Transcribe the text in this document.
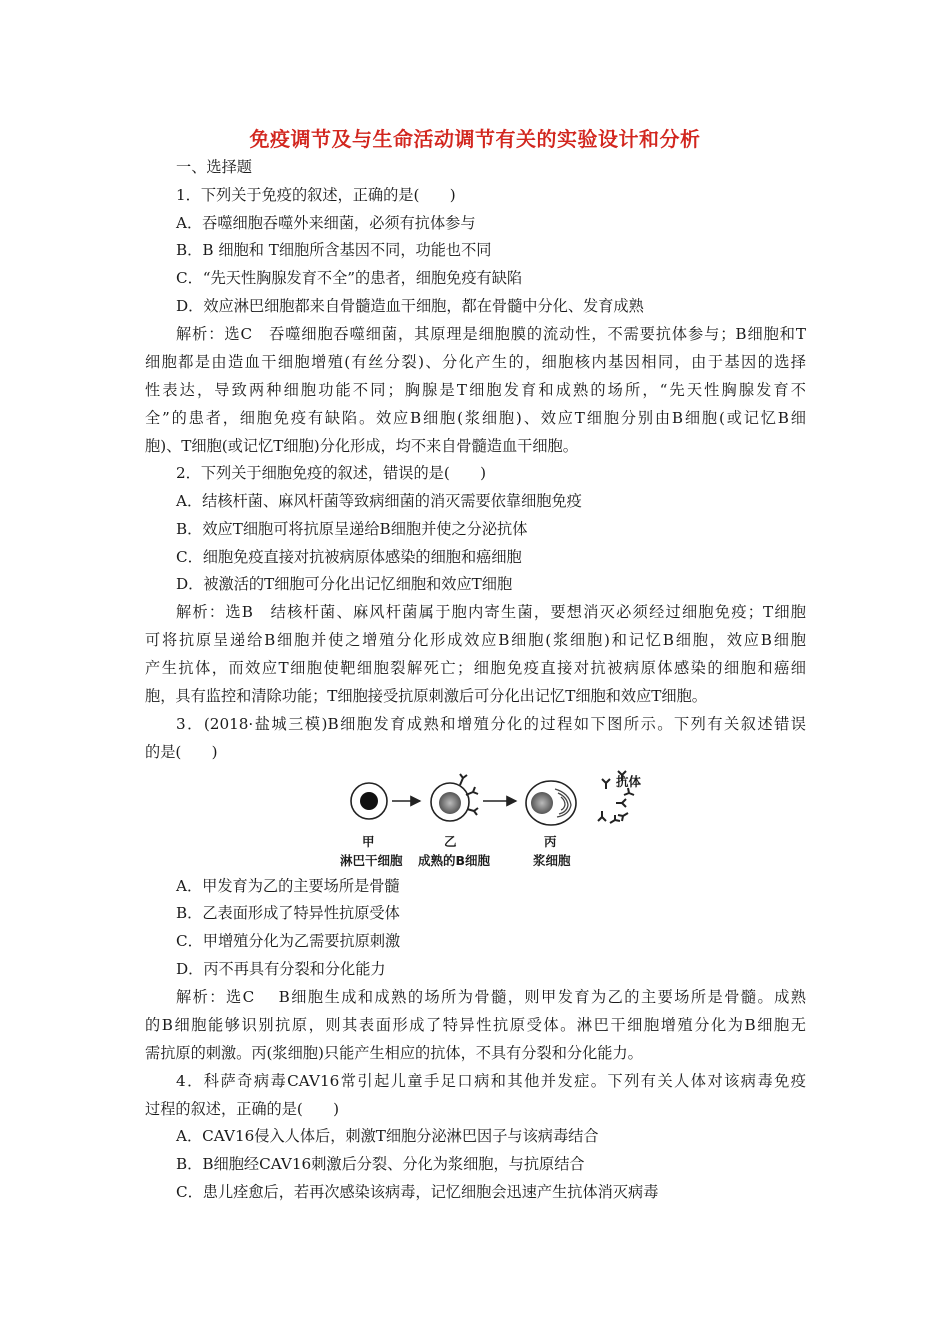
免疫调节及与生命活动调节有关的实验设计和分析
一、选择题
1．下列关于免疫的叙述，正确的是(　　)
A．吞噬细胞吞噬外来细菌，必须有抗体参与
B．B 细胞和 T细胞所含基因不同，功能也不同
C．“先天性胸腺发育不全”的患者，细胞免疫有缺陷
D．效应淋巴细胞都来自骨髓造血干细胞，都在骨髓中分化、发育成熟
解析：选C　吞噬细胞吞噬细菌，其原理是细胞膜的流动性，不需要抗体参与；B细胞和T
细胞都是由造血干细胞增殖(有丝分裂)、分化产生的，细胞核内基因相同，由于基因的选择
性表达，导致两种细胞功能不同；胸腺是T细胞发育和成熟的场所，“先天性胸腺发育不
全”的患者，细胞免疫有缺陷。效应B细胞(浆细胞)、效应T细胞分别由B细胞(或记忆B细
胞)、T细胞(或记忆T细胞)分化形成，均不来自骨髓造血干细胞。
2．下列关于细胞免疫的叙述，错误的是(　　)
A．结核杆菌、麻风杆菌等致病细菌的消灭需要依靠细胞免疫
B．效应T细胞可将抗原呈递给B细胞并使之分泌抗体
C．细胞免疫直接对抗被病原体感染的细胞和癌细胞
D．被激活的T细胞可分化出记忆细胞和效应T细胞
解析：选B　结核杆菌、麻风杆菌属于胞内寄生菌，要想消灭必须经过细胞免疫；T细胞
可将抗原呈递给B细胞并使之增殖分化形成效应B细胞(浆细胞)和记忆B细胞，效应B细胞
产生抗体，而效应T细胞使靶细胞裂解死亡；细胞免疫直接对抗被病原体感染的细胞和癌细
胞，具有监控和清除功能；T细胞接受抗原刺激后可分化出记忆T细胞和效应T细胞。
3．(2018·盐城三模)B细胞发育成熟和增殖分化的过程如下图所示。下列有关叙述错误
的是(　　)
抗体
甲
淋巴干细胞
乙
成熟的B细胞
丙
浆细胞
A．甲发育为乙的主要场所是骨髓
B．乙表面形成了特异性抗原受体
C．甲增殖分化为乙需要抗原刺激
D．丙不再具有分裂和分化能力
解析：选C　 B细胞生成和成熟的场所为骨髓，则甲发育为乙的主要场所是骨髓。成熟
的B细胞能够识别抗原，则其表面形成了特异性抗原受体。淋巴干细胞增殖分化为B细胞无
需抗原的刺激。丙(浆细胞)只能产生相应的抗体，不具有分裂和分化能力。
4．科萨奇病毒CAV16常引起儿童手足口病和其他并发症。下列有关人体对该病毒免疫
过程的叙述，正确的是(　　)
A．CAV16侵入人体后，刺激T细胞分泌淋巴因子与该病毒结合
B．B细胞经CAV16刺激后分裂、分化为浆细胞，与抗原结合
C．患儿痊愈后，若再次感染该病毒，记忆细胞会迅速产生抗体消灭病毒
